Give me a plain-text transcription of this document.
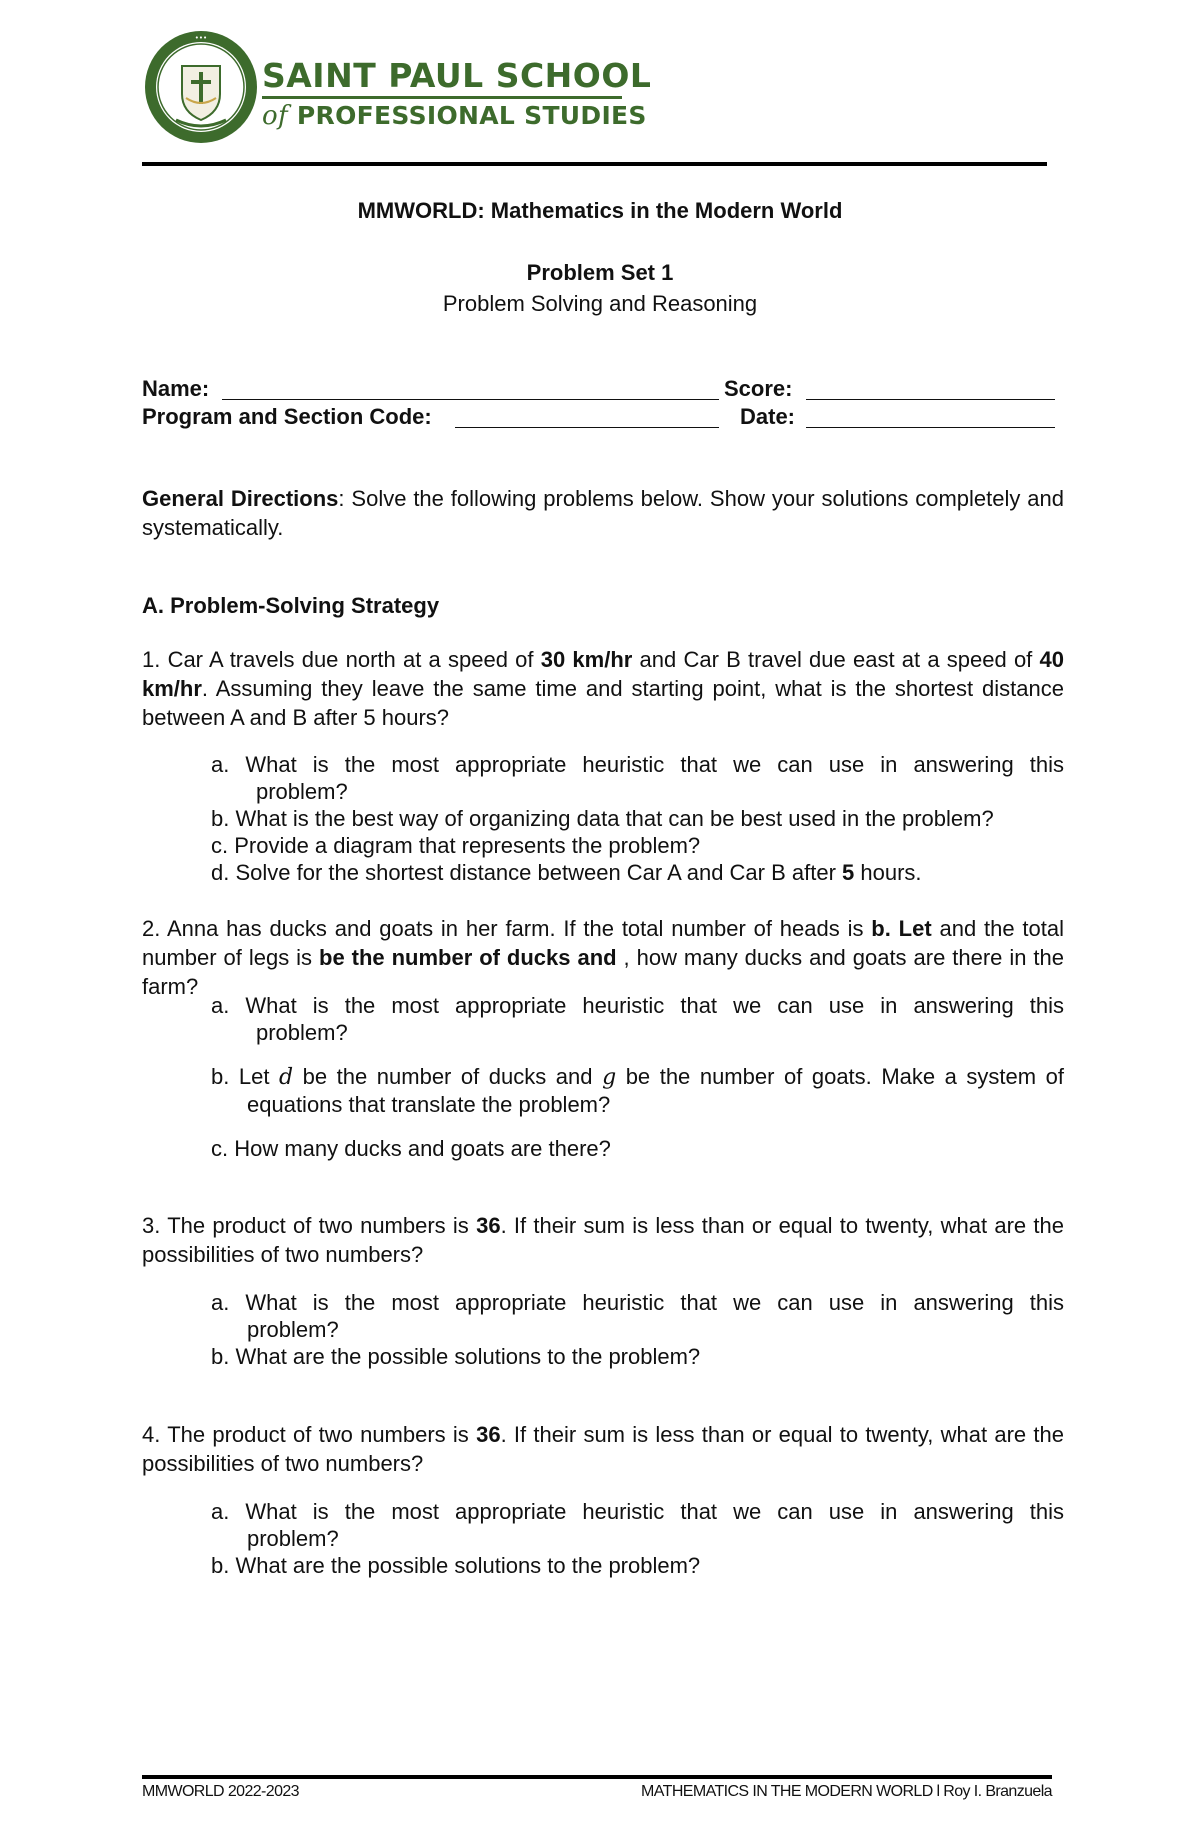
•••
SAINT PAUL SCHOOL
of PROFESSIONAL STUDIES
MMWORLD: Mathematics in the Modern World
Problem Set 1
Problem Solving and Reasoning
Name:	Score:
Program and Section Code:	Date:
General Directions: Solve the following problems below. Show your solutions completely and systematically.
A. Problem-Solving Strategy
1. Car A travels due north at a speed of 30 km/hr and Car B travel due east at a speed of 40 km/hr. Assuming they leave the same time and starting point, what is the shortest distance between A and B after 5 hours?
a. What is the most appropriate heuristic that we can use in answering this
problem?
b. What is the best way of organizing data that can be best used in the problem?
c. Provide a diagram that represents the problem?
d. Solve for the shortest distance between Car A and Car B after 5 hours.
2. Anna has ducks and goats in her farm. If the total number of heads is b. Let and the total number of legs is be the number of ducks and , how many ducks and goats are there in the farm?
a. What is the most appropriate heuristic that we can use in answering this
problem?
b. Let d be the number of ducks and g be the number of goats. Make a system of
equations that translate the problem?
c. How many ducks and goats are there?
3. The product of two numbers is 36. If their sum is less than or equal to twenty, what are the possibilities of two numbers?
a. What is the most appropriate heuristic that we can use in answering this
problem?
b. What are the possible solutions to the problem?
4. The product of two numbers is 36. If their sum is less than or equal to twenty, what are the possibilities of two numbers?
a. What is the most appropriate heuristic that we can use in answering this
problem?
b. What are the possible solutions to the problem?
MMWORLD 2022-2023	MATHEMATICS IN THE MODERN WORLD l Roy I. Branzuela
